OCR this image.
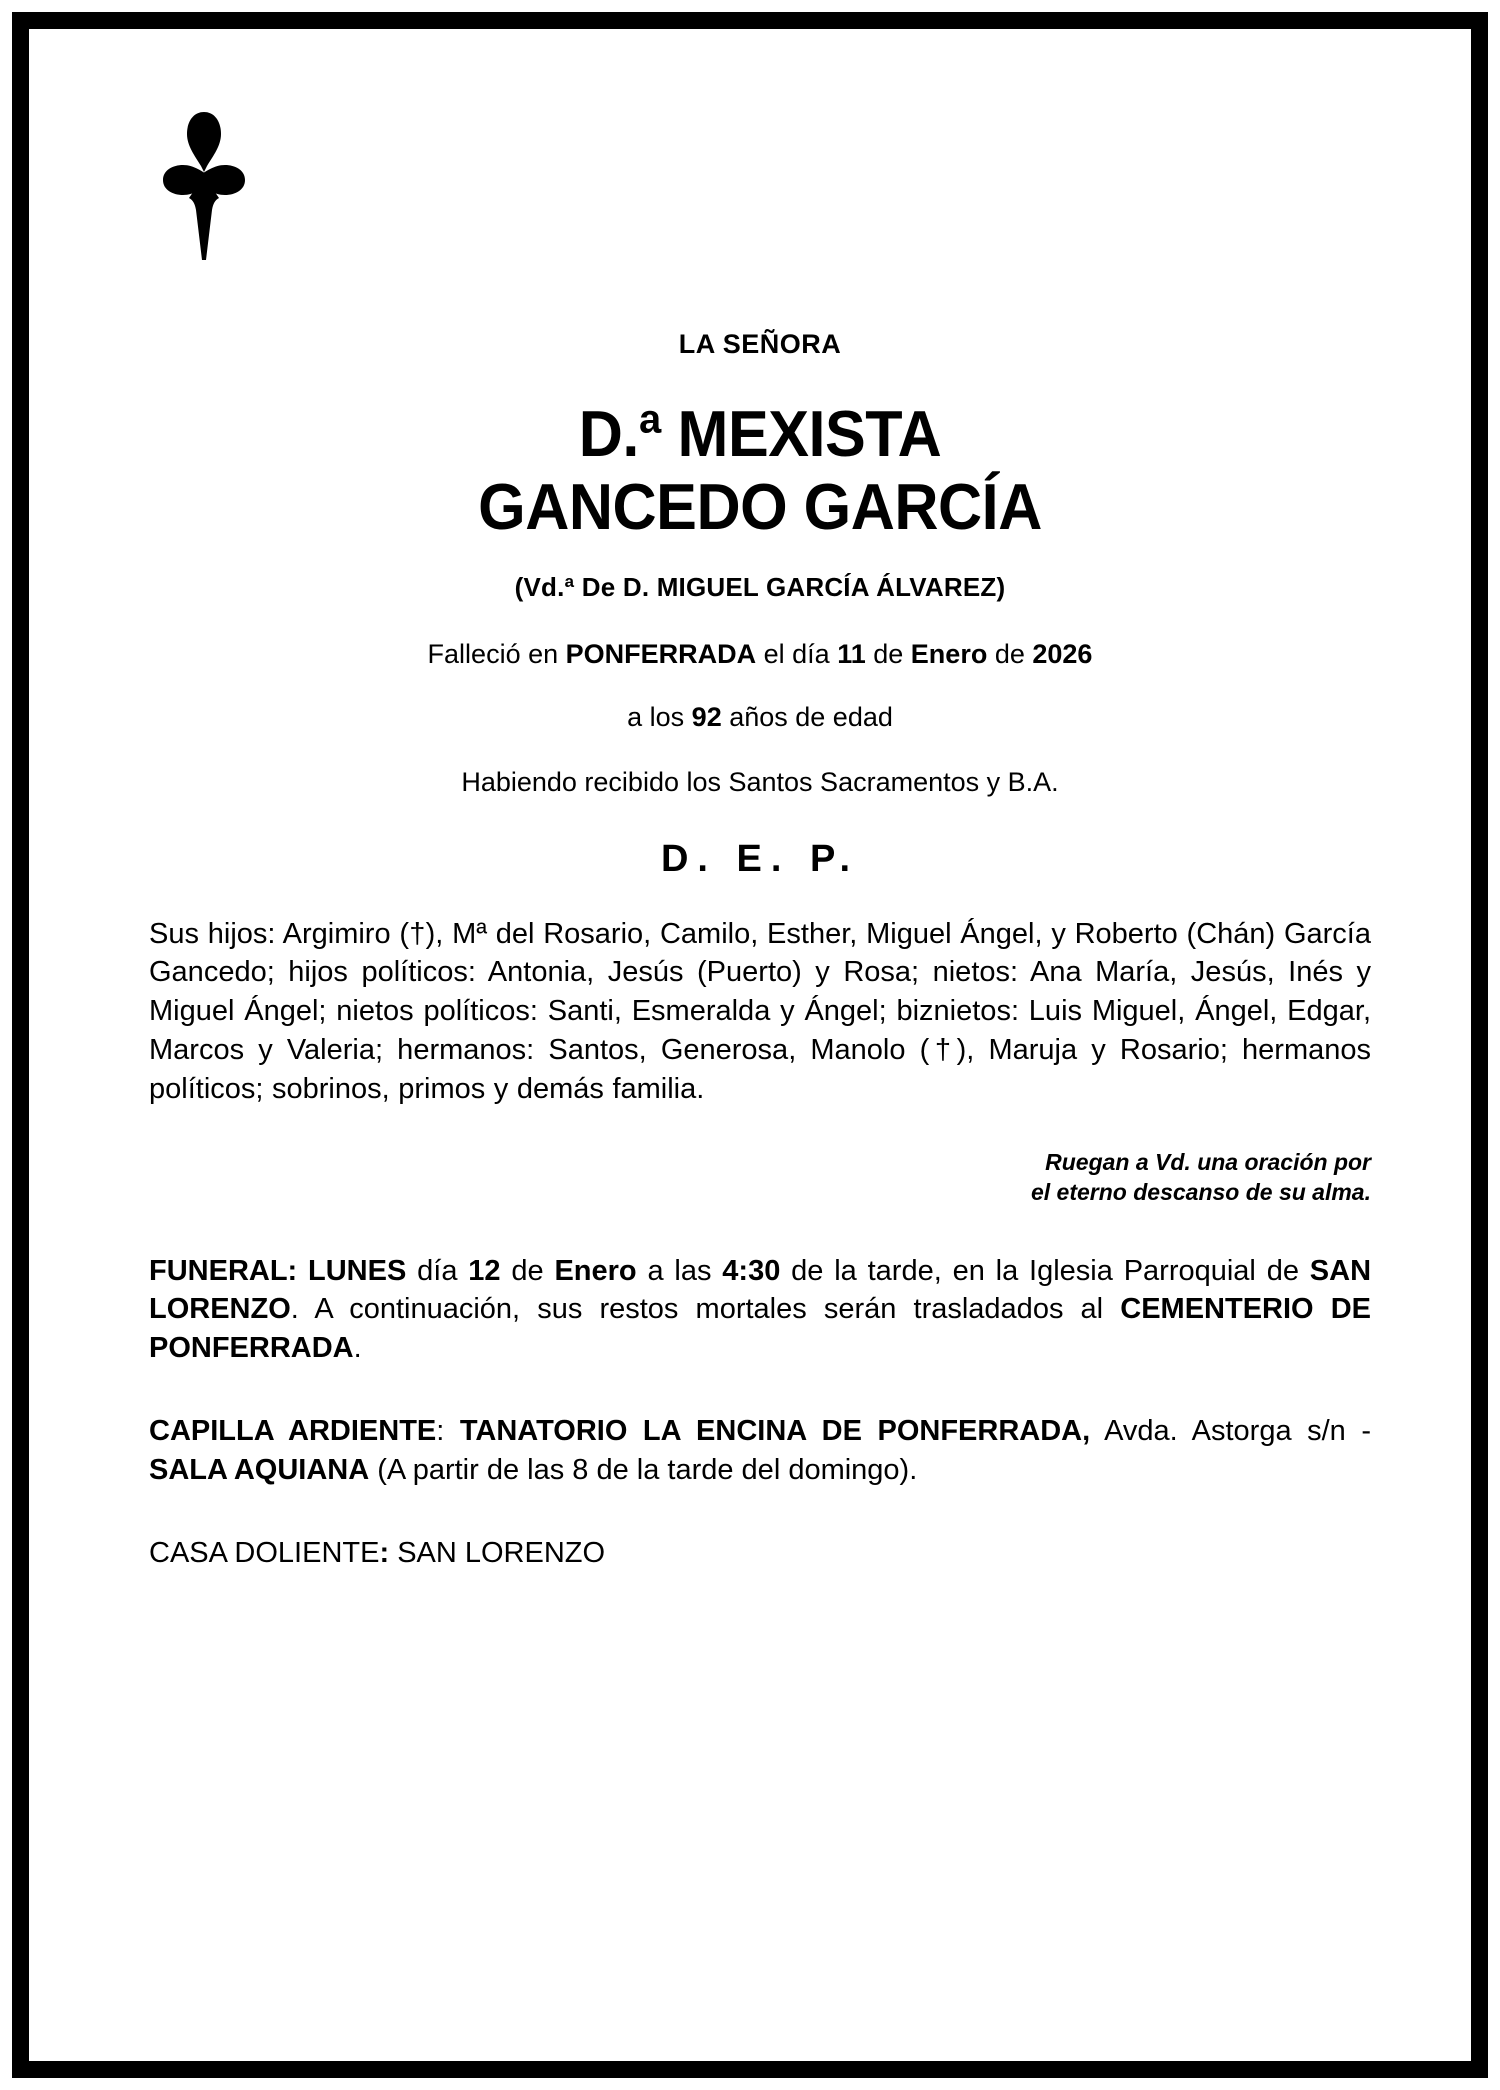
LA SEÑORA
D.ª MEXISTA
GANCEDO GARCÍA
(Vd.ª De D. MIGUEL GARCÍA ÁLVAREZ)
Falleció en PONFERRADA el día 11 de Enero de 2026
a los 92 años de edad
Habiendo recibido los Santos Sacramentos y B.A.
D. E. P.
Sus hijos: Argimiro (†), Mª del Rosario, Camilo, Esther, Miguel Ángel, y Roberto (Chán) García Gancedo; hijos políticos: Antonia, Jesús (Puerto) y Rosa; nietos: Ana María, Jesús, Inés y Miguel Ángel; nietos políticos: Santi, Esmeralda y Ángel; biznietos: Luis Miguel, Ángel, Edgar, Marcos y Valeria; hermanos: Santos, Generosa, Manolo (†), Maruja y Rosario; hermanos políticos; sobrinos, primos y demás familia.
Ruegan a Vd. una oración por
el eterno descanso de su alma.
FUNERAL: LUNES día 12 de Enero a las 4:30 de la tarde, en la Iglesia Parroquial de SAN LORENZO. A continuación, sus restos mortales serán trasladados al CEMENTERIO DE PONFERRADA.
CAPILLA ARDIENTE: TANATORIO LA ENCINA DE PONFERRADA, Avda. Astorga s/n - SALA AQUIANA (A partir de las 8 de la tarde del domingo).
CASA DOLIENTE: SAN LORENZO
